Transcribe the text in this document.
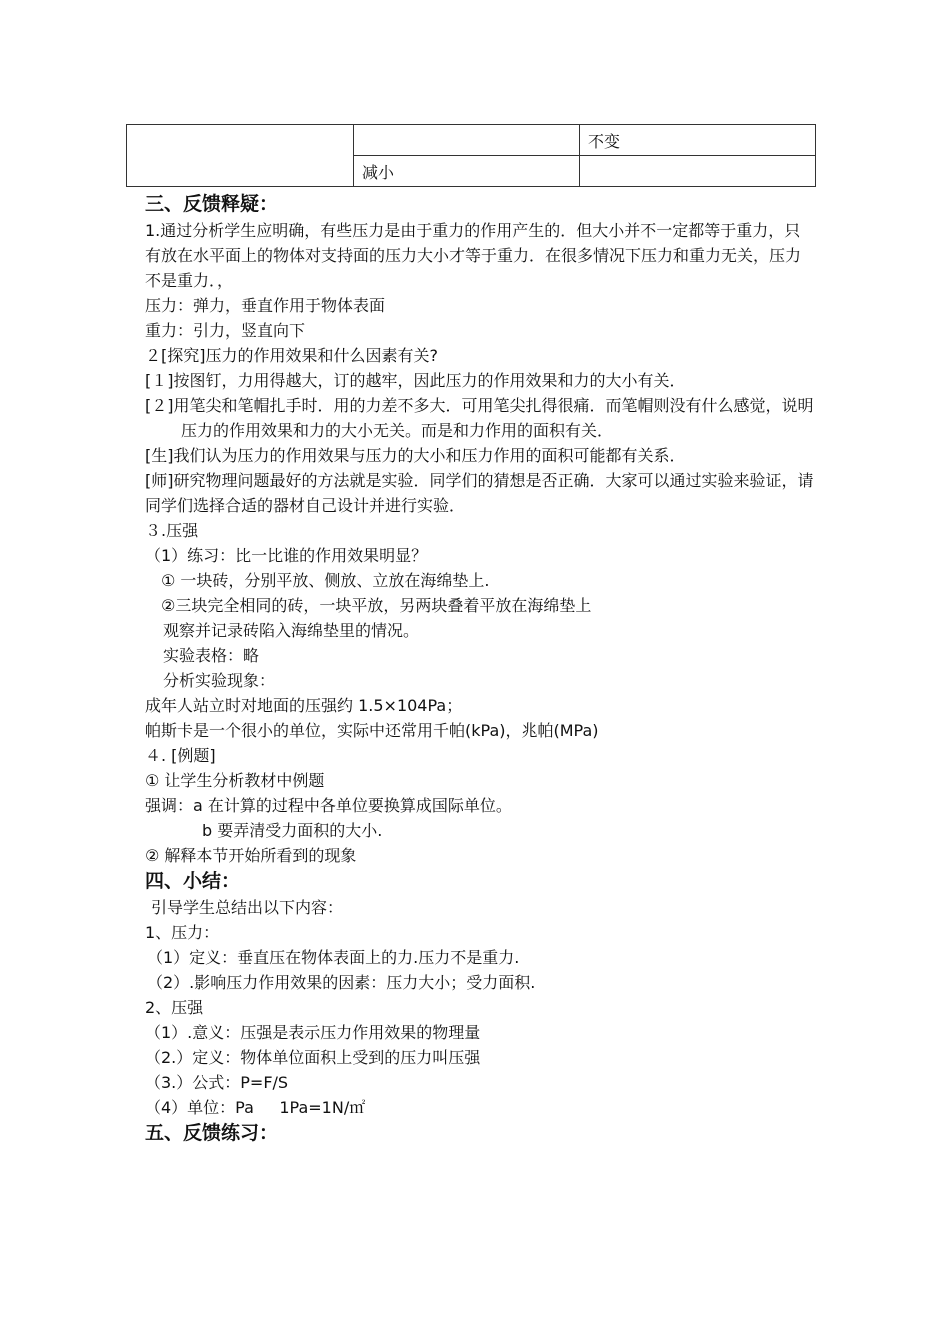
		不变
	减小	

三、反馈释疑：

1.通过分析学生应明确，有些压力是由于重力的作用产生的．但大小并不一定都等于重力，只有放在水平面上的物体对支持面的压力大小才等于重力．在很多情况下压力和重力无关，压力不是重力．，

压力：弹力，垂直作用于物体表面

重力：引力，竖直向下

２[探究]压力的作用效果和什么因素有关?

[１]按图钉，力用得越大，订的越牢，因此压力的作用效果和力的大小有关．

[２]用笔尖和笔帽扎手时．用的力差不多大．可用笔尖扎得很痛．而笔帽则没有什么感觉，说明压力的作用效果和力的大小无关。而是和力作用的面积有关．

[生]我们认为压力的作用效果与压力的大小和压力作用的面积可能都有关系．

[师]研究物理问题最好的方法就是实验．同学们的猜想是否正确．大家可以通过实验来验证，请同学们选择合适的器材自己设计并进行实验．

３.压强

（1）练习：比一比谁的作用效果明显？

① 一块砖，分别平放、侧放、立放在海绵垫上.

②三块完全相同的砖，一块平放，另两块叠着平放在海绵垫上

观察并记录砖陷入海绵垫里的情况。

实验表格：略

分析实验现象：

成年人站立时对地面的压强约 1.5×104Pa；

帕斯卡是一个很小的单位，实际中还常用千帕(kPa)，兆帕(MPa)

４. [例题]

① 让学生分析教材中例题

强调：a 在计算的过程中各单位要换算成国际单位。

b 要弄清受力面积的大小.

② 解释本节开始所看到的现象

四、小结：

引导学生总结出以下内容：

1、压力：

（1）定义：垂直压在物体表面上的力.压力不是重力.

（2）.影响压力作用效果的因素：压力大小；受力面积.

2、压强

（1）.意义：压强是表示压力作用效果的物理量

（2.）定义：物体单位面积上受到的压力叫压强

（3.）公式：P=F/S

（4）单位：Pa     1Pa=1N/㎡

五、反馈练习：
